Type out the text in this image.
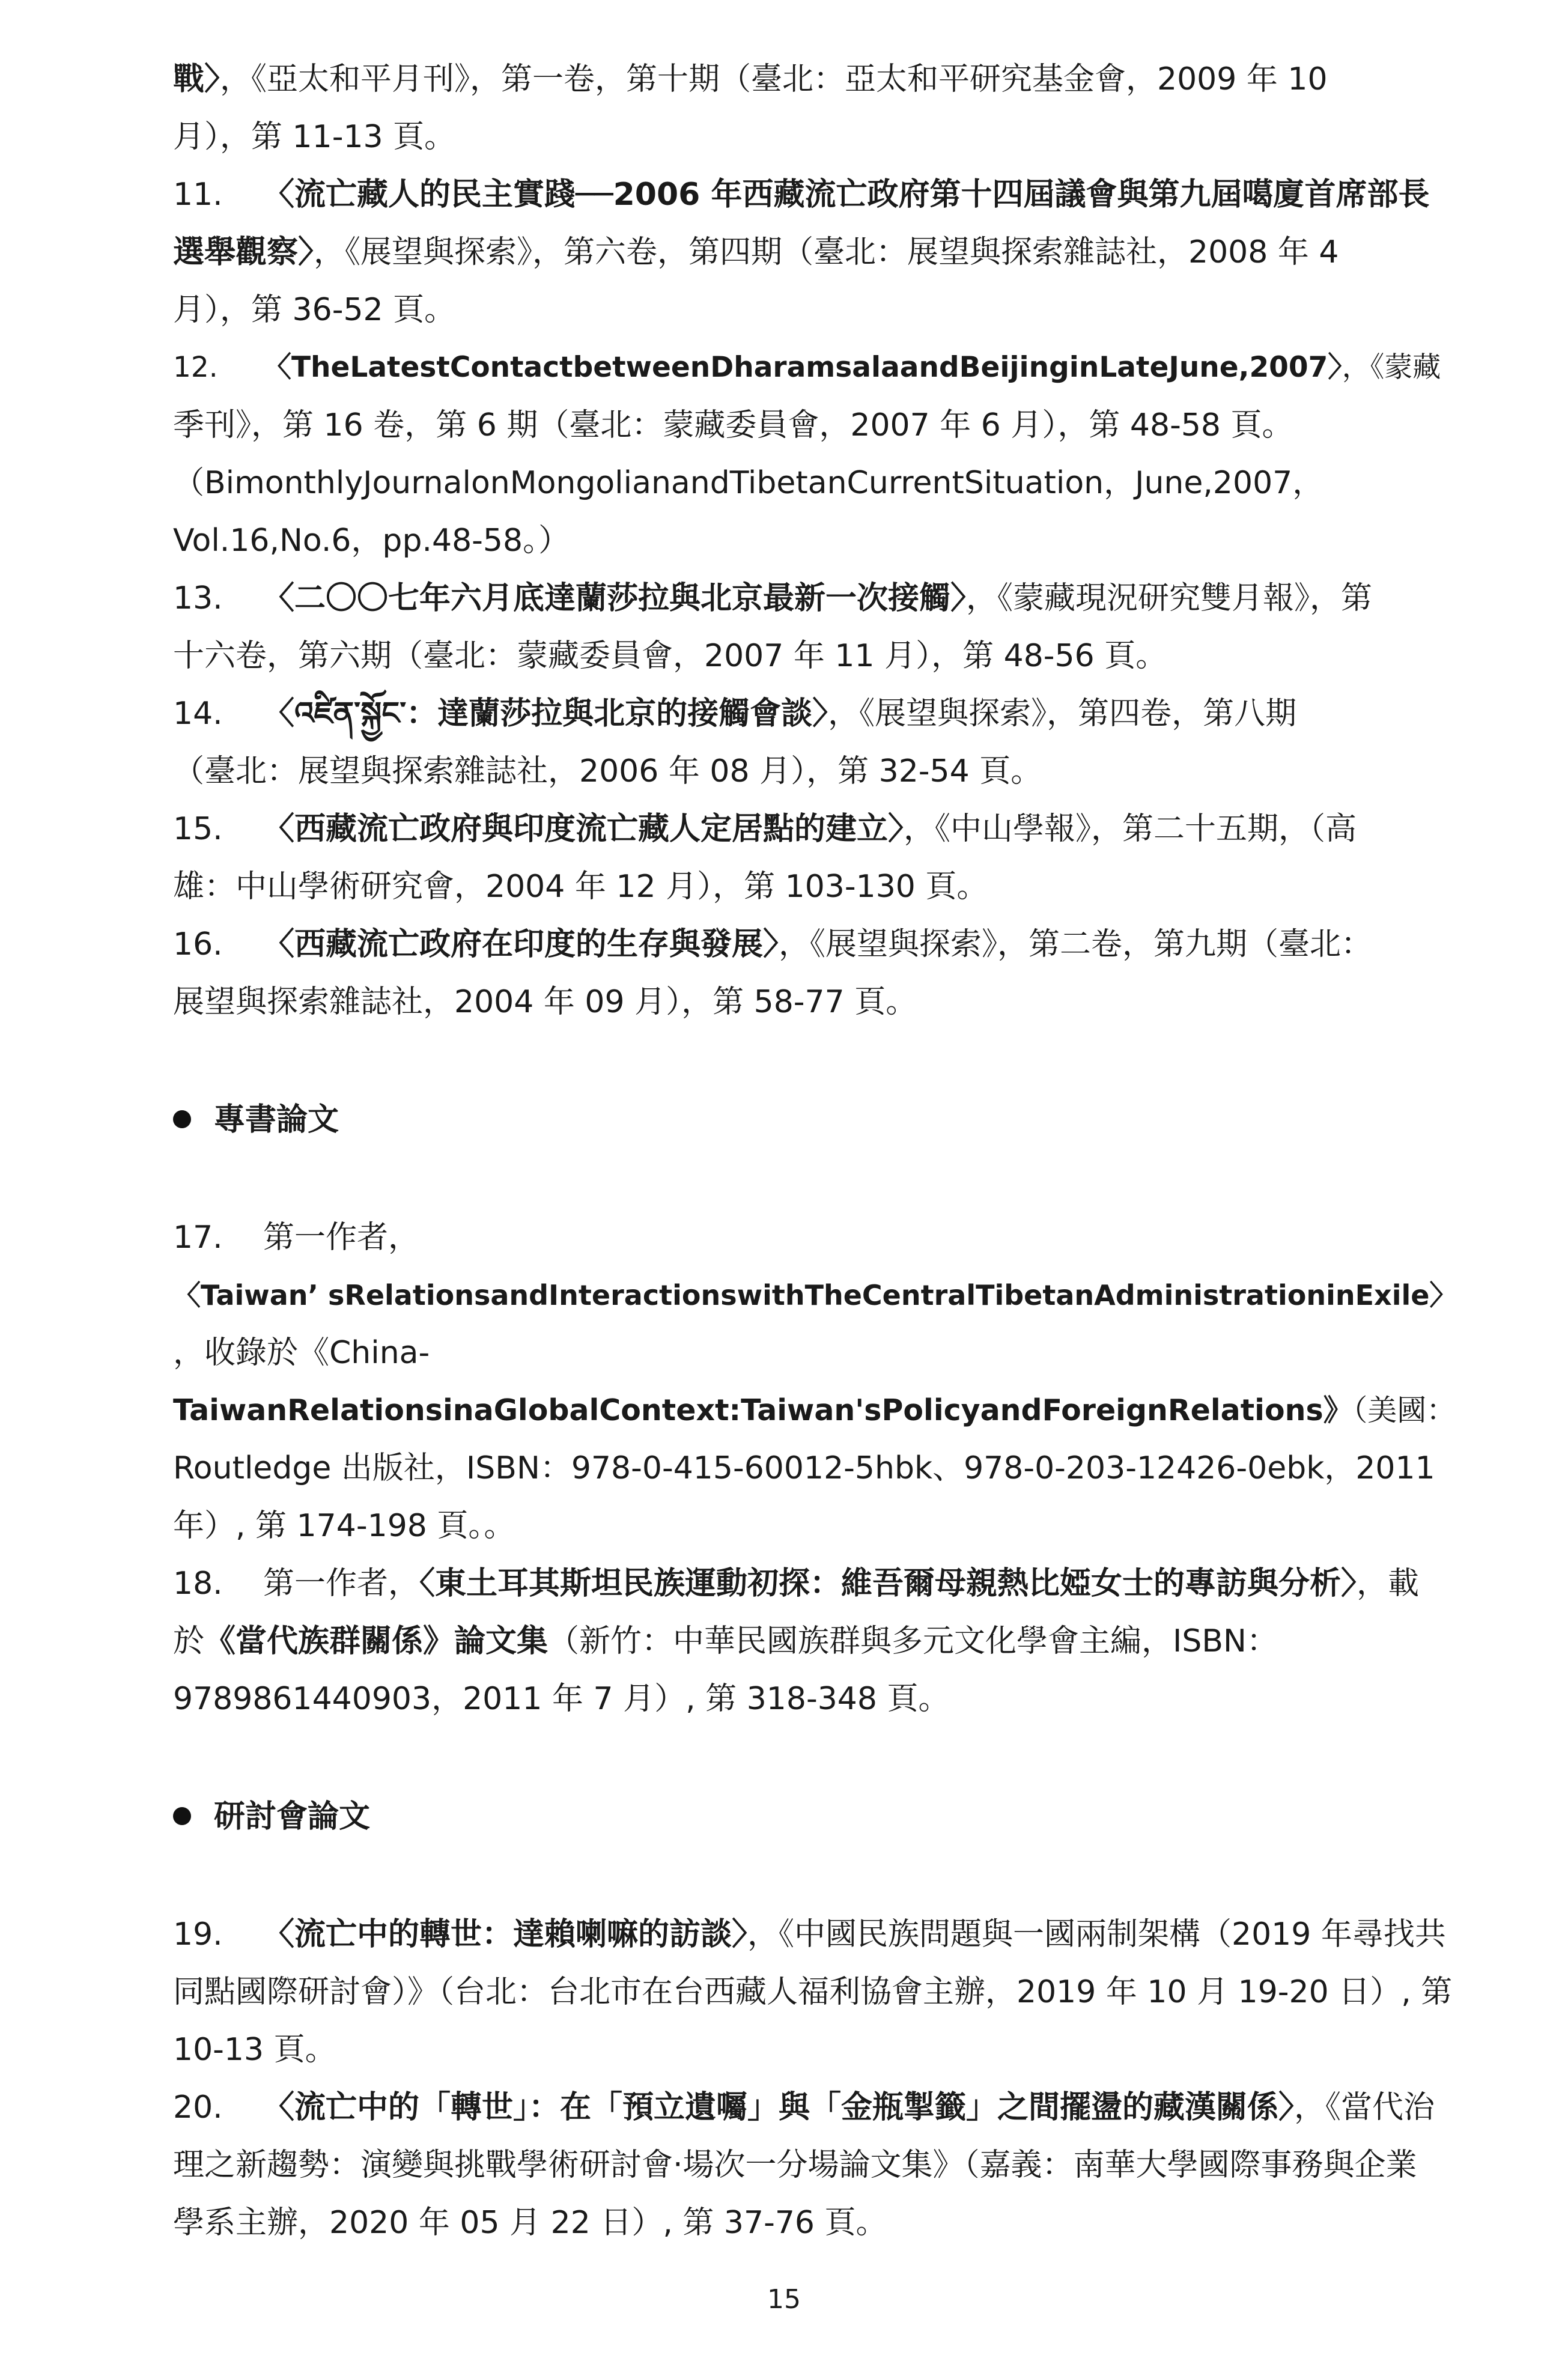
戰〉，《亞太和平月刊》，第一卷，第十期（臺北：亞太和平研究基金會，2009 年 10
月），第 11-13 頁。
11. 〈流亡藏人的民主實踐──2006 年西藏流亡政府第十四屆議會與第九屆噶廈首席部長
選舉觀察〉，《展望與探索》，第六卷，第四期（臺北：展望與探索雜誌社，2008 年 4
月），第 36-52 頁。
12. 〈TheLatestContactbetweenDharamsalaandBeijinginLateJune,2007〉，《蒙藏
季刊》，第 16 卷，第 6 期（臺北：蒙藏委員會，2007 年 6 月），第 48-58 頁。
（BimonthlyJournalonMongolianandTibetanCurrentSituation，June,2007，
Vol.16,No.6，pp.48-58。）
13. 〈二〇〇七年六月底達蘭莎拉與北京最新一次接觸〉，《蒙藏現況研究雙月報》，第
十六卷，第六期（臺北：蒙藏委員會，2007 年 11 月），第 48-56 頁。
14. 〈འཛིན་སྐྱོང་：達蘭莎拉與北京的接觸會談〉，《展望與探索》，第四卷，第八期
（臺北：展望與探索雜誌社，2006 年 08 月），第 32-54 頁。
15. 〈西藏流亡政府與印度流亡藏人定居點的建立〉，《中山學報》，第二十五期，（高
雄：中山學術研究會，2004 年 12 月），第 103-130 頁。
16. 〈西藏流亡政府在印度的生存與發展〉，《展望與探索》，第二卷，第九期（臺北：
展望與探索雜誌社，2004 年 09 月），第 58-77 頁。
專書論文
17. 第一作者，
〈Taiwan’ sRelationsandInteractionswithTheCentralTibetanAdministrationinExile〉
，收錄於《China-
TaiwanRelationsinaGlobalContext:Taiwan'sPolicyandForeignRelations》（美國：
Routledge 出版社，ISBN：978-0-415-60012-5hbk、978-0-203-12426-0ebk，2011
年）, 第 174-198 頁。。
18. 第一作者，〈東土耳其斯坦民族運動初探：維吾爾母親熱比婭女士的專訪與分析〉，載
於《當代族群關係》論文集（新竹：中華民國族群與多元文化學會主編，ISBN：
9789861440903，2011 年 7 月）, 第 318-348 頁。
研討會論文
19. 〈流亡中的轉世：達賴喇嘛的訪談〉，《中國民族問題與一國兩制架構（2019 年尋找共
同點國際研討會）》（台北：台北市在台西藏人福利協會主辦，2019 年 10 月 19-20 日）, 第
10-13 頁。
20. 〈流亡中的「轉世」：在「預立遺囑」與「金瓶掣籤」之間擺盪的藏漢關係〉，《當代治
理之新趨勢：演變與挑戰學術研討會‧場次一分場論文集》（嘉義：南華大學國際事務與企業
學系主辦，2020 年 05 月 22 日）, 第 37-76 頁。
15
